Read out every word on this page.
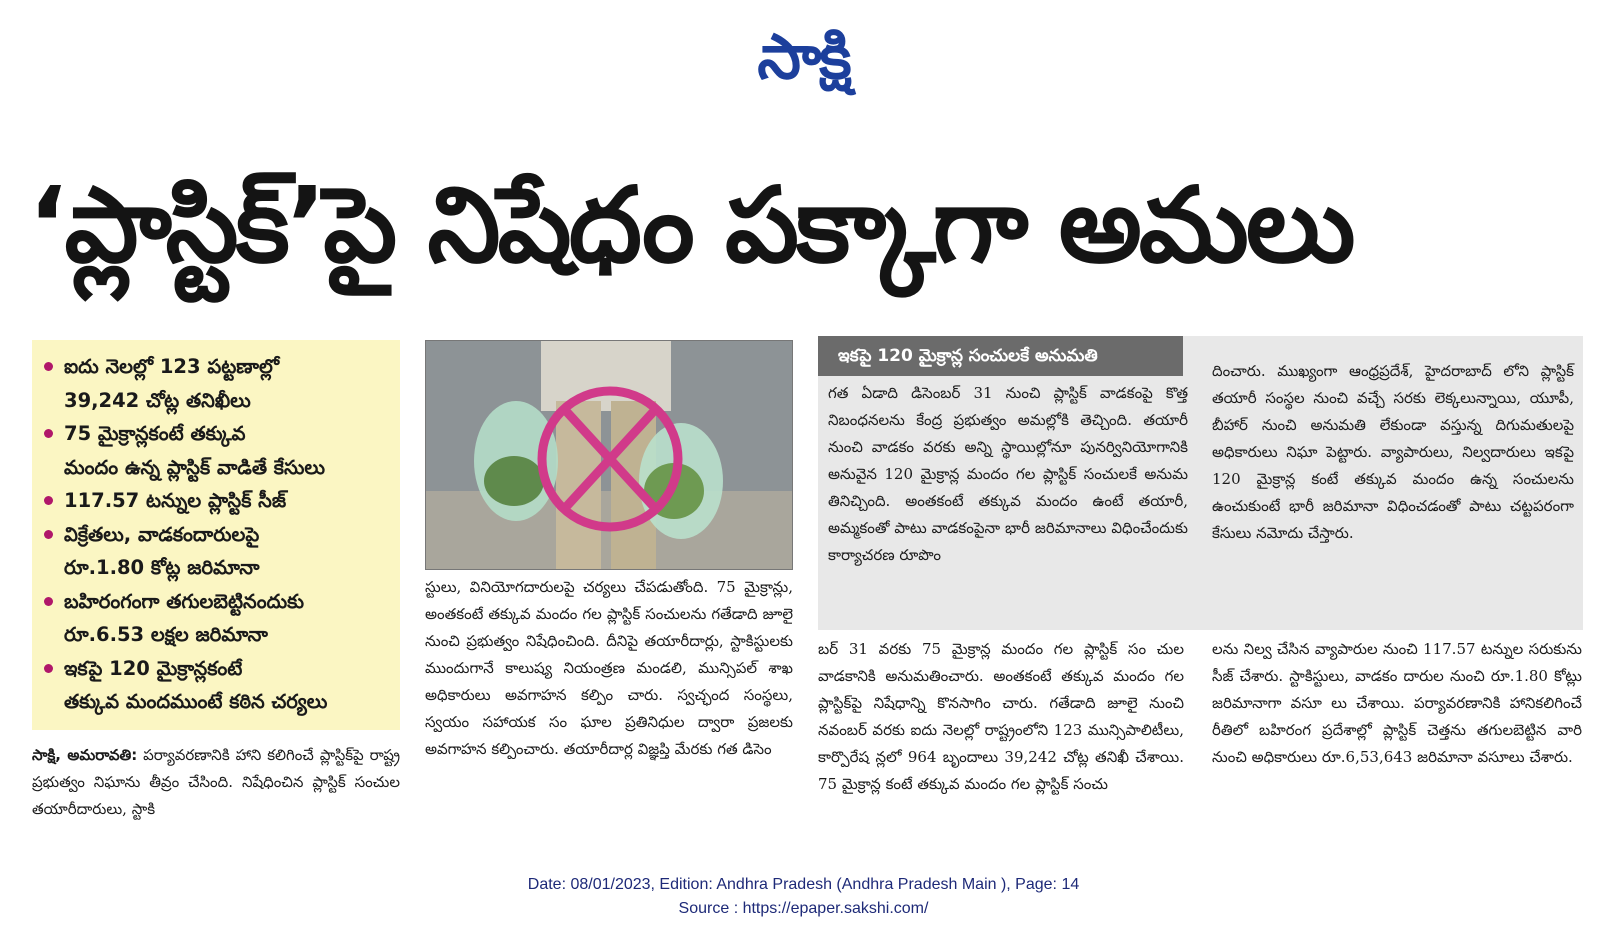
సాక్షి
‘ప్లాస్టిక్’పై నిషేధం పక్కాగా అమలు
ఐదు నెలల్లో 123 పట్టణాల్లో
39,242 చోట్ల తనిఖీలు
75 మైక్రాన్లకంటే తక్కువ
మందం ఉన్న ప్లాస్టిక్ వాడితే కేసులు
117.57 టన్నుల ప్లాస్టిక్ సీజ్
విక్రేతలు, వాడకందారులపై
రూ.1.80 కోట్ల జరిమానా
బహిరంగంగా తగులబెట్టినందుకు
రూ.6.53 లక్షల జరిమానా
ఇకపై 120 మైక్రాన్లకంటే
తక్కువ మందముంటే కఠిన చర్యలు
సాక్షి, అమరావతి: పర్యావరణానికి హాని కలిగించే ప్లాస్టిక్‌పై రాష్ట్ర ప్రభుత్వం నిఘాను తీవ్రం చేసింది. నిషేధించిన ప్లాస్టిక్ సంచుల తయారీదారులు, స్టాకి
స్టులు, వినియోగదారులపై చర్యలు చేపడుతోంది. 75 మైక్రాన్లు, అంతకంటే తక్కువ మందం గల ప్లాస్టిక్ సంచులను గతేడాది జూలై నుంచి ప్రభుత్వం నిషేధించింది. దీనిపై తయారీదార్లు, స్టాకిస్టులకు ముందుగానే కాలుష్య నియంత్రణ మండలి, మున్సిపల్ శాఖ అధికారులు అవగాహన కల్పిం చారు. స్వచ్ఛంద సంస్థలు, స్వయం సహాయక సం ఘాల ప్రతినిధుల ద్వారా ప్రజలకు అవగాహన కల్పించారు. తయారీదార్ల విజ్ఞప్తి మేరకు గత డిసెం
ఇకపై 120 మైక్రాన్ల సంచులకే అనుమతి
గత ఏడాది డిసెంబర్ 31 నుంచి ప్లాస్టిక్ వాడకంపై కొత్త నిబంధనలను కేంద్ర ప్రభుత్వం అమల్లోకి తెచ్చింది. తయారీ నుంచి వాడకం వరకు అన్ని స్థాయిల్లోనూ పునర్వినియోగానికి అనువైన 120 మైక్రాన్ల మందం గల ప్లాస్టిక్ సంచులకే అనుమ తినిచ్చింది. అంతకంటే తక్కువ మందం ఉంటే తయారీ, అమ్మకంతో పాటు వాడకంపైనా భారీ జరిమానాలు విధించేందుకు కార్యాచరణ రూపొం
దించారు. ముఖ్యంగా ఆంధ్రప్రదేశ్, హైదరాబాద్ లోని ప్లాస్టిక్ తయారీ సంస్థల నుంచి వచ్చే సరకు లెక్కలున్నాయి, యూపీ, బీహార్ నుంచి అనుమతి లేకుండా వస్తున్న దిగుమతులపై అధికారులు నిఘా పెట్టారు. వ్యాపారులు, నిల్వదారులు ఇకపై 120 మైక్రాన్ల కంటే తక్కువ మందం ఉన్న సంచులను ఉంచుకుంటే భారీ జరిమానా విధించడంతో పాటు చట్టపరంగా కేసులు నమోదు చేస్తారు.
బర్ 31 వరకు 75 మైక్రాన్ల మందం గల ప్లాస్టిక్ సం చుల వాడకానికి అనుమతించారు. అంతకంటే తక్కువ మందం గల ప్లాస్టిక్‌పై నిషేధాన్ని కొనసాగిం చారు. గతేడాది జూలై నుంచి నవంబర్ వరకు ఐదు నెలల్లో రాష్ట్రంలోని 123 మున్సిపాలిటీలు, కార్పొరేష న్లలో 964 బృందాలు 39,242 చోట్ల తనిఖీ చేశాయి. 75 మైక్రాన్ల కంటే తక్కువ మందం గల ప్లాస్టిక్ సంచు
లను నిల్వ చేసిన వ్యాపారుల నుంచి 117.57 టన్నుల సరుకును సీజ్ చేశారు. స్టాకిస్టులు, వాడకం దారుల నుంచి రూ.1.80 కోట్లు జరిమానాగా వసూ లు చేశాయి. పర్యావరణానికి హానికలిగించే రీతిలో బహిరంగ ప్రదేశాల్లో ప్లాస్టిక్ చెత్తను తగులబెట్టిన వారి నుంచి అధికారులు రూ.6,53,643 జరిమానా వసూలు చేశారు.
Date: 08/01/2023, Edition: Andhra Pradesh (Andhra Pradesh Main ), Page: 14
Source : https://epaper.sakshi.com/
